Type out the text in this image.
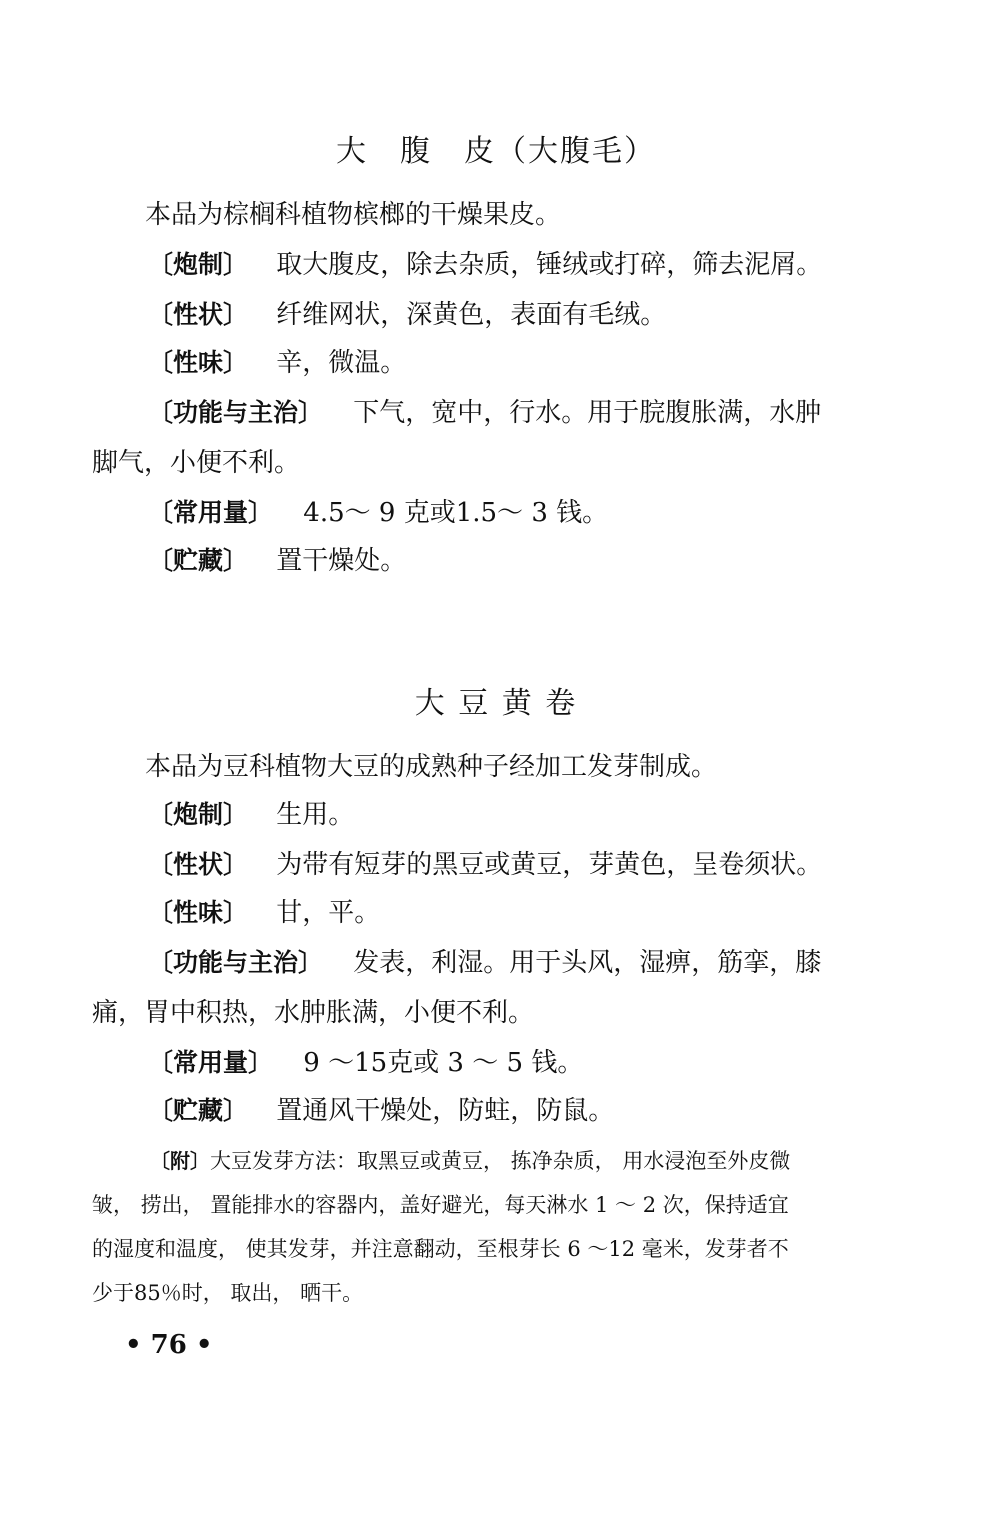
大　腹　皮（大腹毛）
本品为棕榈科植物槟榔的干燥果皮。
〔炮制〕 取大腹皮，除去杂质，锤绒或打碎，筛去泥屑。
〔性状〕 纤维网状，深黄色，表面有毛绒。
〔性味〕 辛，微温。
〔功能与主治〕 下气，宽中，行水。用于脘腹胀满，水肿
脚气，小便不利。
〔常用量〕 4.5～ 9 克或1.5～ 3 钱。
〔贮藏〕 置干燥处。
大 豆 黄 卷
本品为豆科植物大豆的成熟种子经加工发芽制成。
〔炮制〕 生用。
〔性状〕 为带有短芽的黑豆或黄豆，芽黄色，呈卷须状。
〔性味〕 甘，平。
〔功能与主治〕 发表，利湿。用于头风，湿痹，筋挛，膝
痛，胃中积热，水肿胀满，小便不利。
〔常用量〕 9 ～15克或 3 ～ 5 钱。
〔贮藏〕 置通风干燥处，防蛀，防鼠。
〔附〕大豆发芽方法：取黑豆或黄豆， 拣净杂质， 用水浸泡至外皮微
皱， 捞出， 置能排水的容器内，盖好避光，每天淋水 1 ～ 2 次，保持适宜
的湿度和温度， 使其发芽，并注意翻动，至根芽长 6 ～12 毫米，发芽者不
少于85％时， 取出， 晒干。
• 76 •
